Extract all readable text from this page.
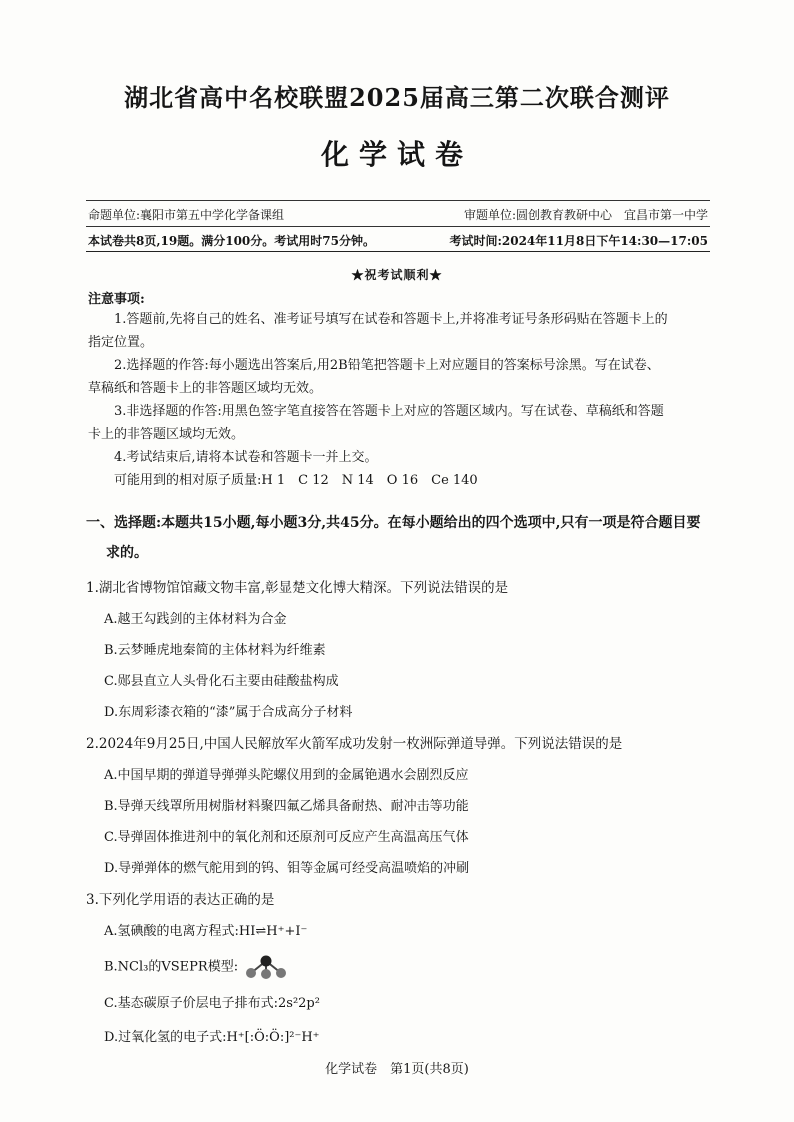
湖北省高中名校联盟2025届高三第二次联合测评
化学试卷
命题单位:襄阳市第五中学化学备课组	审题单位:圆创教育教研中心　宜昌市第一中学
本试卷共8页,19题。满分100分。考试用时75分钟。	考试时间:2024年11月8日下午14:30—17:05
★祝考试顺利★
注意事项:
1.答题前,先将自己的姓名、准考证号填写在试卷和答题卡上,并将准考证号条形码贴在答题卡上的
指定位置。
2.选择题的作答:每小题选出答案后,用2B铅笔把答题卡上对应题目的答案标号涂黑。写在试卷、
草稿纸和答题卡上的非答题区域均无效。
3.非选择题的作答:用黑色签字笔直接答在答题卡上对应的答题区域内。写在试卷、草稿纸和答题
卡上的非答题区域均无效。
4.考试结束后,请将本试卷和答题卡一并上交。
可能用到的相对原子质量:H 1　C 12　N 14　O 16　Ce 140
一、选择题:本题共15小题,每小题3分,共45分。在每小题给出的四个选项中,只有一项是符合题目要
求的。
1.湖北省博物馆馆藏文物丰富,彰显楚文化博大精深。下列说法错误的是
A.越王勾践剑的主体材料为合金
B.云梦睡虎地秦简的主体材料为纤维素
C.郧县直立人头骨化石主要由硅酸盐构成
D.东周彩漆衣箱的“漆”属于合成高分子材料
2.2024年9月25日,中国人民解放军火箭军成功发射一枚洲际弹道导弹。下列说法错误的是
A.中国早期的弹道导弹弹头陀螺仪用到的金属铯遇水会剧烈反应
B.导弹天线罩所用树脂材料聚四氟乙烯具备耐热、耐冲击等功能
C.导弹固体推进剂中的氧化剂和还原剂可反应产生高温高压气体
D.导弹弹体的燃气舵用到的钨、钼等金属可经受高温喷焰的冲刷
3.下列化学用语的表达正确的是
A.氢碘酸的电离方程式:HI⇌H⁺+I⁻
B.NCl₃的VSEPR模型:
C.基态碳原子价层电子排布式:2s²2p²
D.过氧化氢的电子式:H⁺[:Ö:Ö:]²⁻H⁺
化学试卷　第1页(共8页)
